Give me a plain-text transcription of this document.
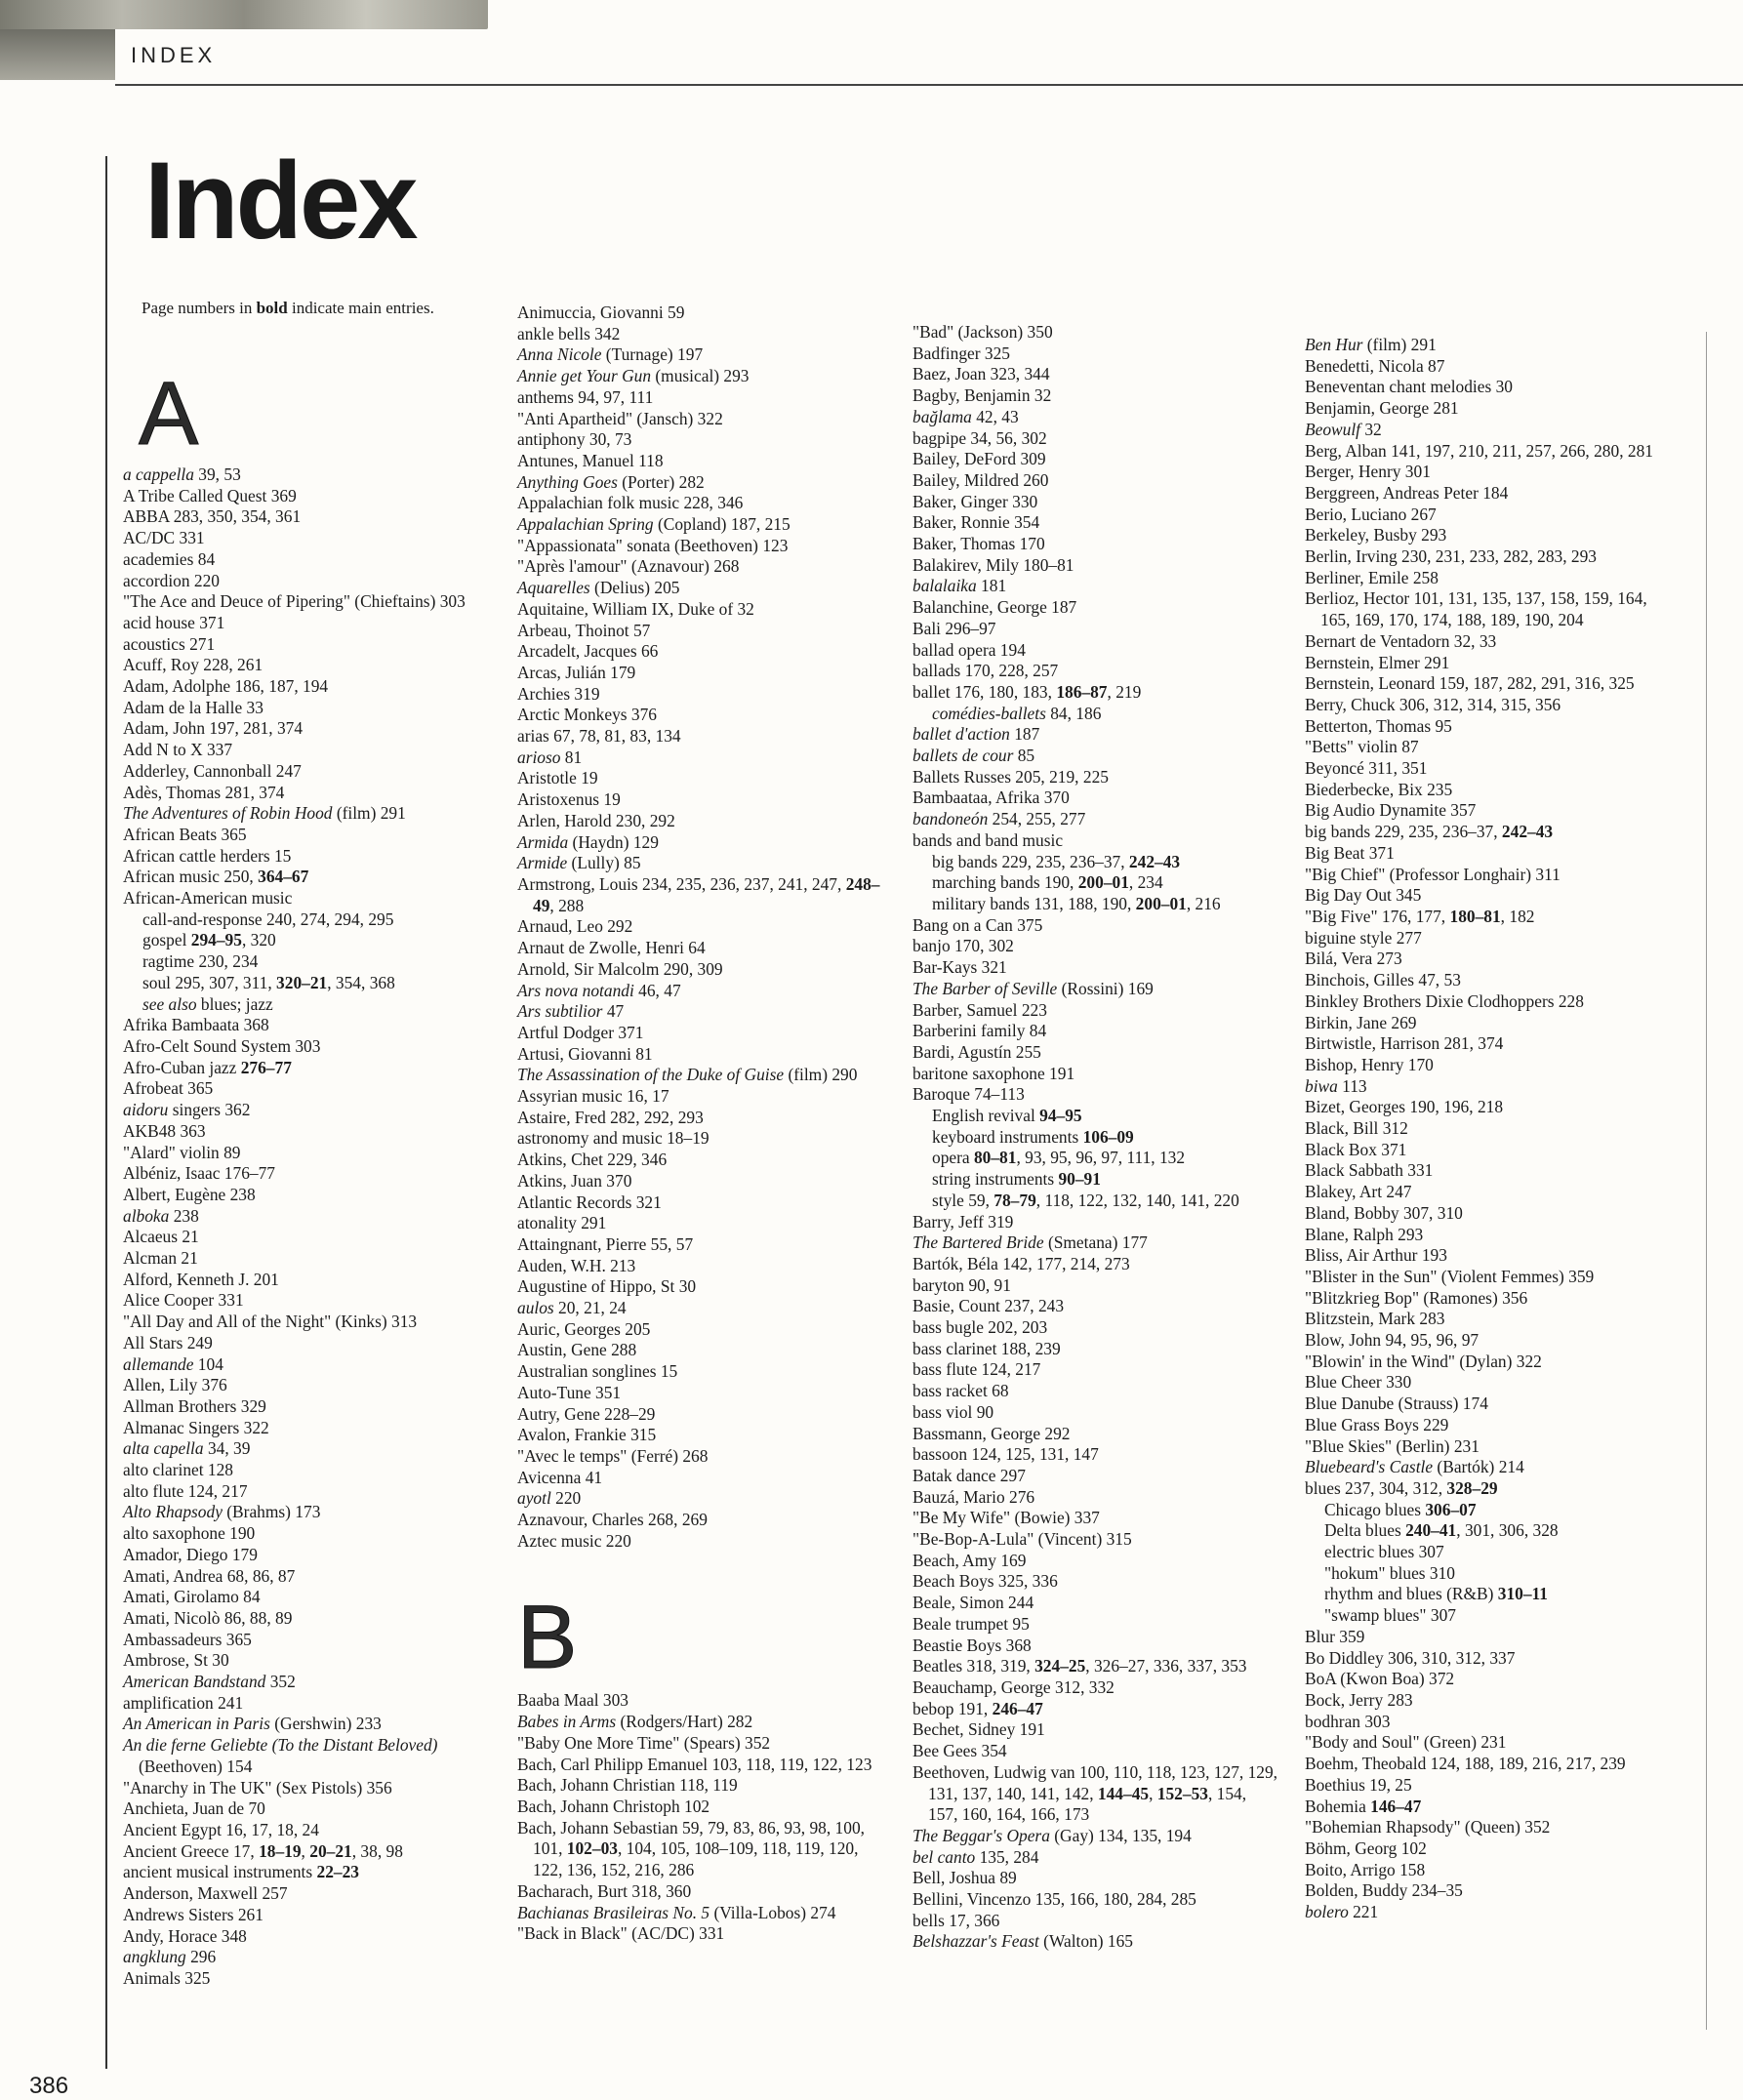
INDEX
Index

Page numbers in bold indicate main entries.

A
a cappella 39, 53
A Tribe Called Quest 369
ABBA 283, 350, 354, 361
AC/DC 331
academies 84
accordion 220
"The Ace and Deuce of Pipering" (Chieftains) 303
acid house 371
acoustics 271
Acuff, Roy 228, 261
Adam, Adolphe 186, 187, 194
Adam de la Halle 33
Adam, John 197, 281, 374
Add N to X 337
Adderley, Cannonball 247
Adès, Thomas 281, 374
The Adventures of Robin Hood (film) 291
African Beats 365
African cattle herders 15
African music 250, 364–67
African-American music
call-and-response 240, 274, 294, 295
gospel 294–95, 320
ragtime 230, 234
soul 295, 307, 311, 320–21, 354, 368
see also blues; jazz
Afrika Bambaata 368
Afro-Celt Sound System 303
Afro-Cuban jazz 276–77
Afrobeat 365
aidoru singers 362
AKB48 363
"Alard" violin 89
Albéniz, Isaac 176–77
Albert, Eugène 238
alboka 238
Alcaeus 21
Alcman 21
Alford, Kenneth J. 201
Alice Cooper 331
"All Day and All of the Night" (Kinks) 313
All Stars 249
allemande 104
Allen, Lily 376
Allman Brothers 329
Almanac Singers 322
alta capella 34, 39
alto clarinet 128
alto flute 124, 217
Alto Rhapsody (Brahms) 173
alto saxophone 190
Amador, Diego 179
Amati, Andrea 68, 86, 87
Amati, Girolamo 84
Amati, Nicolò 86, 88, 89
Ambassadeurs 365
Ambrose, St 30
American Bandstand 352
amplification 241
An American in Paris (Gershwin) 233
An die ferne Geliebte (To the Distant Beloved) (Beethoven) 154
"Anarchy in The UK" (Sex Pistols) 356
Anchieta, Juan de 70
Ancient Egypt 16, 17, 18, 24
Ancient Greece 17, 18–19, 20–21, 38, 98
ancient musical instruments 22–23
Anderson, Maxwell 257
Andrews Sisters 261
Andy, Horace 348
angklung 296
Animals 325
Animuccia, Giovanni 59
ankle bells 342
Anna Nicole (Turnage) 197
Annie get Your Gun (musical) 293
anthems 94, 97, 111
"Anti Apartheid" (Jansch) 322
antiphony 30, 73
Antunes, Manuel 118
Anything Goes (Porter) 282
Appalachian folk music 228, 346
Appalachian Spring (Copland) 187, 215
"Appassionata" sonata (Beethoven) 123
"Après l'amour" (Aznavour) 268
Aquarelles (Delius) 205
Aquitaine, William IX, Duke of 32
Arbeau, Thoinot 57
Arcadelt, Jacques 66
Arcas, Julián 179
Archies 319
Arctic Monkeys 376
arias 67, 78, 81, 83, 134
arioso 81
Aristotle 19
Aristoxenus 19
Arlen, Harold 230, 292
Armida (Haydn) 129
Armide (Lully) 85
Armstrong, Louis 234, 235, 236, 237, 241, 247, 248–49, 288
Arnaud, Leo 292
Arnaut de Zwolle, Henri 64
Arnold, Sir Malcolm 290, 309
Ars nova notandi 46, 47
Ars subtilior 47
Artful Dodger 371
Artusi, Giovanni 81
The Assassination of the Duke of Guise (film) 290
Assyrian music 16, 17
Astaire, Fred 282, 292, 293
astronomy and music 18–19
Atkins, Chet 229, 346
Atkins, Juan 370
Atlantic Records 321
atonality 291
Attaingnant, Pierre 55, 57
Auden, W.H. 213
Augustine of Hippo, St 30
aulos 20, 21, 24
Auric, Georges 205
Austin, Gene 288
Australian songlines 15
Auto-Tune 351
Autry, Gene 228–29
Avalon, Frankie 315
"Avec le temps" (Ferré) 268
Avicenna 41
ayotl 220
Aznavour, Charles 268, 269
Aztec music 220
B
Baaba Maal 303
Babes in Arms (Rodgers/Hart) 282
"Baby One More Time" (Spears) 352
Bach, Carl Philipp Emanuel 103, 118, 119, 122, 123
Bach, Johann Christian 118, 119
Bach, Johann Christoph 102
Bach, Johann Sebastian 59, 79, 83, 86, 93, 98, 100, 101, 102–03, 104, 105, 108–109, 118, 119, 120, 122, 136, 152, 216, 286
Bacharach, Burt 318, 360
Bachianas Brasileiras No. 5 (Villa-Lobos) 274
"Back in Black" (AC/DC) 331
"Bad" (Jackson) 350
Badfinger 325
Baez, Joan 323, 344
Bagby, Benjamin 32
bağlama 42, 43
bagpipe 34, 56, 302
Bailey, DeFord 309
Bailey, Mildred 260
Baker, Ginger 330
Baker, Ronnie 354
Baker, Thomas 170
Balakirev, Mily 180–81
balalaika 181
Balanchine, George 187
Bali 296–97
ballad opera 194
ballads 170, 228, 257
ballet 176, 180, 183, 186–87, 219
comédies-ballets 84, 186
ballet d'action 187
ballets de cour 85
Ballets Russes 205, 219, 225
Bambaataa, Afrika 370
bandoneón 254, 255, 277
bands and band music
big bands 229, 235, 236–37, 242–43
marching bands 190, 200–01, 234
military bands 131, 188, 190, 200–01, 216
Bang on a Can 375
banjo 170, 302
Bar-Kays 321
The Barber of Seville (Rossini) 169
Barber, Samuel 223
Barberini family 84
Bardi, Agustín 255
baritone saxophone 191
Baroque 74–113
English revival 94–95
keyboard instruments 106–09
opera 80–81, 93, 95, 96, 97, 111, 132
string instruments 90–91
style 59, 78–79, 118, 122, 132, 140, 141, 220
Barry, Jeff 319
The Bartered Bride (Smetana) 177
Bartók, Béla 142, 177, 214, 273
baryton 90, 91
Basie, Count 237, 243
bass bugle 202, 203
bass clarinet 188, 239
bass flute 124, 217
bass racket 68
bass viol 90
Bassmann, George 292
bassoon 124, 125, 131, 147
Batak dance 297
Bauzá, Mario 276
"Be My Wife" (Bowie) 337
"Be-Bop-A-Lula" (Vincent) 315
Beach, Amy 169
Beach Boys 325, 336
Beale, Simon 244
Beale trumpet 95
Beastie Boys 368
Beatles 318, 319, 324–25, 326–27, 336, 337, 353
Beauchamp, George 312, 332
bebop 191, 246–47
Bechet, Sidney 191
Bee Gees 354
Beethoven, Ludwig van 100, 110, 118, 123, 127, 129, 131, 137, 140, 141, 142, 144–45, 152–53, 154, 157, 160, 164, 166, 173
The Beggar's Opera (Gay) 134, 135, 194
bel canto 135, 284
Bell, Joshua 89
Bellini, Vincenzo 135, 166, 180, 284, 285
bells 17, 366
Belshazzar's Feast (Walton) 165
Ben Hur (film) 291
Benedetti, Nicola 87
Beneventan chant melodies 30
Benjamin, George 281
Beowulf 32
Berg, Alban 141, 197, 210, 211, 257, 266, 280, 281
Berger, Henry 301
Berggreen, Andreas Peter 184
Berio, Luciano 267
Berkeley, Busby 293
Berlin, Irving 230, 231, 233, 282, 283, 293
Berliner, Emile 258
Berlioz, Hector 101, 131, 135, 137, 158, 159, 164, 165, 169, 170, 174, 188, 189, 190, 204
Bernart de Ventadorn 32, 33
Bernstein, Elmer 291
Bernstein, Leonard 159, 187, 282, 291, 316, 325
Berry, Chuck 306, 312, 314, 315, 356
Betterton, Thomas 95
"Betts" violin 87
Beyoncé 311, 351
Biederbecke, Bix 235
Big Audio Dynamite 357
big bands 229, 235, 236–37, 242–43
Big Beat 371
"Big Chief" (Professor Longhair) 311
Big Day Out 345
"Big Five" 176, 177, 180–81, 182
biguine style 277
Bilá, Vera 273
Binchois, Gilles 47, 53
Binkley Brothers Dixie Clodhoppers 228
Birkin, Jane 269
Birtwistle, Harrison 281, 374
Bishop, Henry 170
biwa 113
Bizet, Georges 190, 196, 218
Black, Bill 312
Black Box 371
Black Sabbath 331
Blakey, Art 247
Bland, Bobby 307, 310
Blane, Ralph 293
Bliss, Air Arthur 193
"Blister in the Sun" (Violent Femmes) 359
"Blitzkrieg Bop" (Ramones) 356
Blitzstein, Mark 283
Blow, John 94, 95, 96, 97
"Blowin' in the Wind" (Dylan) 322
Blue Cheer 330
Blue Danube (Strauss) 174
Blue Grass Boys 229
"Blue Skies" (Berlin) 231
Bluebeard's Castle (Bartók) 214
blues 237, 304, 312, 328–29
Chicago blues 306–07
Delta blues 240–41, 301, 306, 328
electric blues 307
"hokum" blues 310
rhythm and blues (R&B) 310–11
"swamp blues" 307
Blur 359
Bo Diddley 306, 310, 312, 337
BoA (Kwon Boa) 372
Bock, Jerry 283
bodhran 303
"Body and Soul" (Green) 231
Boehm, Theobald 124, 188, 189, 216, 217, 239
Boethius 19, 25
Bohemia 146–47
"Bohemian Rhapsody" (Queen) 352
Böhm, Georg 102
Boito, Arrigo 158
Bolden, Buddy 234–35
bolero 221
386
